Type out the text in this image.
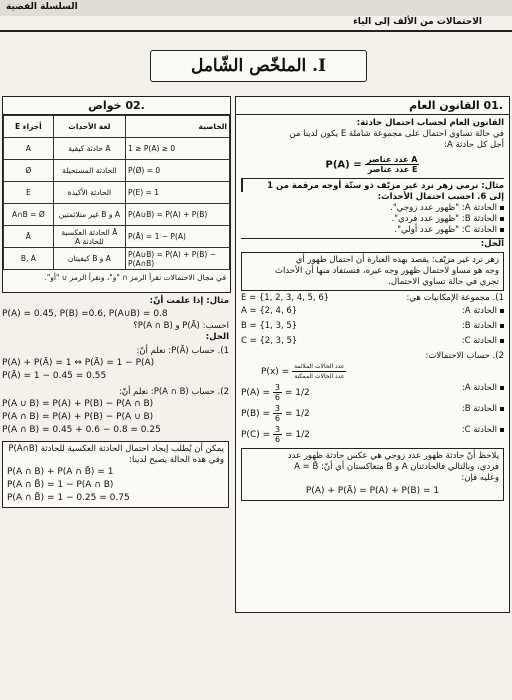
السلسلة الفضية
الاحتمالات من الألف إلى الياء
I. الملخّص الشّامل
.01 القانون العام
القانون العام لحساب احتمال حادثة:
في حالة تساوي احتمال على مجموعة شاملة E يكون لدينا من
أجل كل حادثة A:
$P(A) = \frac{\text{A عدد عناصر}}{\text{E عدد عناصر}}$
مثال: نرمي زهر نرد غير مزيّف ذو ستّة أوجه مرقمة من 1
إلى 6. احسب احتمال الأحداث:
الحادثة A: "ظهور عدد زوجي".
الحادثة B: "ظهور عدد فردي".
الحادثة C: "ظهور عدد أولي".
الحل:
زهر نرد غير مزيّف: يقصد بهذه العبارة أن احتمال ظهور أي
وجه هو مساو لاحتمال ظهور وجه غيره، فنستفاد منها أن الأحداث
تجري في حالة تساوي الاحتمال.
1). مجموعة الإمكانيات هي:
E = {1, 2, 3, 4, 5, 6}
الحادثة A:
A = {2, 4, 6}
الحادثة B:
B = {1, 3, 5}
الحادثة C:
C = {2, 3, 5}
2). حساب الاحتمالات:
$P(x) = \frac{\text{عدد الحالات الملائمة}}{\text{عدد الحالات الممكنة}}$
الحادثة A:
$P(A) = \frac{3}{6} = 1/2$
الحادثة B:
$P(B) = \frac{3}{6} = 1/2$
الحادثة C:
$P(C) = \frac{3}{6} = 1/2$
يلاحظ أنّ حادثة ظهور عدد زوجي هي عكس حادثة ظهور عدد
فردي، وبالتالي فالحادثتان A و B متعاكستان أي أنّ: A = B̄
وعليه فإن:
P(A) + P(Ā) = P(A) + P(B) = 1
.02 خواص
الخاصية	لغة الأحداث	أجزاء E
1 ≥ P(A) ≥ 0	A حادثة كيفية	A
P(Ø) = 0	الحادثة المستحيلة	Ø
P(E) = 1	الحادثة الأكيدة	E
P(A∪B) = P(A) + P(B)	A و B غير متلائمتين	A∩B = Ø
P(Ā) = 1 − P(A)	Ā الحادثة العكسية للحادثة A	Ā
P(A∪B) = P(A) + P(B) − P(A∩B)	A و B كيفيتان	B, A
في مجال الاحتمالات نقرأ الرمز ∩ "و"، ونقرأ الرمز ∪ "أو".
مثال: إذا علمت أنّ:
P(A) = 0.45, P(B) =0.6, P(A∪B) = 0.8
احسب: P(Ā) و P(A ∩ B)؟
الحل:
1). حساب P(Ā): نعلم أنّ:
P(A) + P(Ā) = 1 ⇔ P(Ā) = 1 − P(A)
P(Ā) = 1 − 0.45 = 0.55
2). حساب P(A ∩ B): نعلم أنّ:
P(A ∪ B) = P(A) + P(B) − P(A ∩ B)
P(A ∩ B) = P(A) + P(B) − P(A ∪ B)
P(A ∩ B) = 0.45 + 0.6 − 0.8 = 0.25
يمكن أن يُطلب إيجاد احتمال الحادثة العكسية للحادثة P(A∩B)
وفي هذه الحالة يصبح لدينا:
P(A ∩ B) + P(A ∩ B̄) = 1
P(A ∩ B̄) = 1 − P(A ∩ B)
P(A ∩ B̄) = 1 − 0.25 = 0.75
